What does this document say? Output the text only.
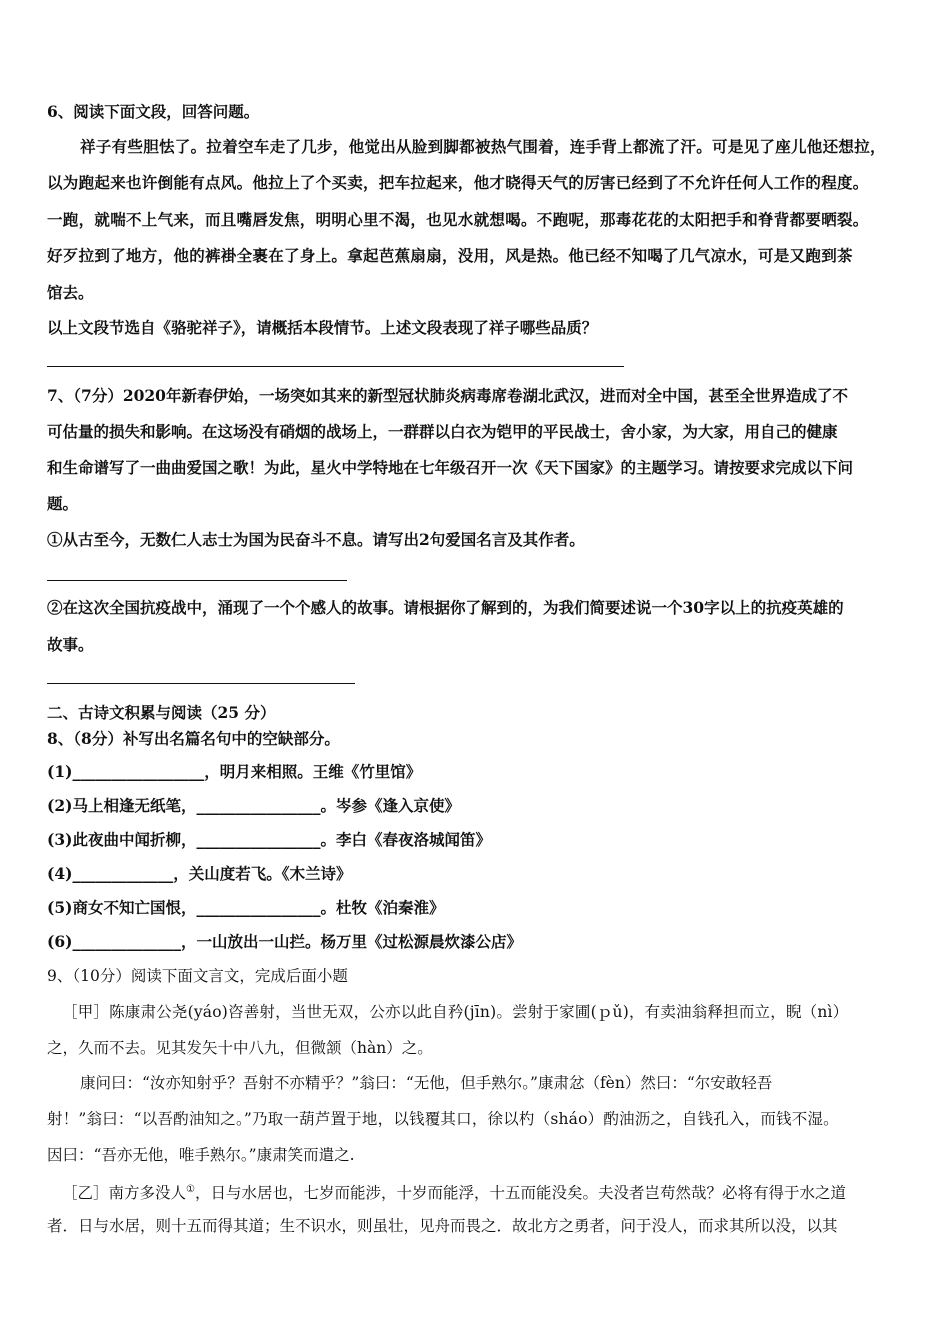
6、阅读下面文段，回答问题。
祥子有些胆怯了。拉着空车走了几步，他觉出从脸到脚都被热气围着，连手背上都流了汗。可是见了座儿他还想拉，
以为跑起来也许倒能有点风。他拉上了个买卖，把车拉起来，他才晓得天气的厉害已经到了不允许任何人工作的程度。
一跑，就喘不上气来，而且嘴唇发焦，明明心里不渴，也见水就想喝。不跑呢，那毒花花的太阳把手和脊背都要晒裂。
好歹拉到了地方，他的裤褂全裹在了身上。拿起芭蕉扇扇，没用，风是热。他已经不知喝了几气凉水，可是又跑到茶
馆去。
以上文段节选自《骆驼祥子》，请概括本段情节。上述文段表现了祥子哪些品质？
7、（7分）2020年新春伊始，一场突如其来的新型冠状肺炎病毒席卷湖北武汉，进而对全中国，甚至全世界造成了不
可估量的损失和影响。在这场没有硝烟的战场上，一群群以白衣为铠甲的平民战士，舍小家，为大家，用自己的健康
和生命谱写了一曲曲爱国之歌！为此，星火中学特地在七年级召开一次《天下国家》的主题学习。请按要求完成以下问
题。
①从古至今，无数仁人志士为国为民奋斗不息。请写出2句爱国名言及其作者。
②在这次全国抗疫战中，涌现了一个个感人的故事。请根据你了解到的，为我们简要述说一个30字以上的抗疫英雄的
故事。
二、古诗文积累与阅读（25 分）
8、（8分）补写出名篇名句中的空缺部分。
(1)_________________，明月来相照。王维《竹里馆》
(2)马上相逢无纸笔，________________。岑参《逢入京使》
(3)此夜曲中闻折柳，________________。李白《春夜洛城闻笛》
(4)_____________，关山度若飞。《木兰诗》
(5)商女不知亡国恨，________________。杜牧《泊秦淮》
(6)______________，一山放出一山拦。杨万里《过松源晨炊漆公店》
9、（10分）阅读下面文言文，完成后面小题
［甲］陈康肃公尧(yáo)咨善射，当世无双，公亦以此自矜(jīn)。尝射于家圃(ｐǔ)，有卖油翁释担而立，睨（nì）
之，久而不去。见其发矢十中八九，但微颔（hàn）之。
康问曰：“汝亦知射乎？吾射不亦精乎？”翁曰：“无他，但手熟尔。”康肃忿（fèn）然曰：“尔安敢轻吾
射！”翁曰：“以吾酌油知之。”乃取一葫芦置于地，以钱覆其口，徐以杓（sháo）酌油沥之，自钱孔入，而钱不湿。
因曰：“吾亦无他，唯手熟尔。”康肃笑而遣之.
［乙］南方多没人①，日与水居也，七岁而能涉，十岁而能浮，十五而能没矣。夫没者岂苟然哉？必将有得于水之道
者．日与水居，则十五而得其道；生不识水，则虽壮，见舟而畏之．故北方之勇者，问于没人，而求其所以没，以其
